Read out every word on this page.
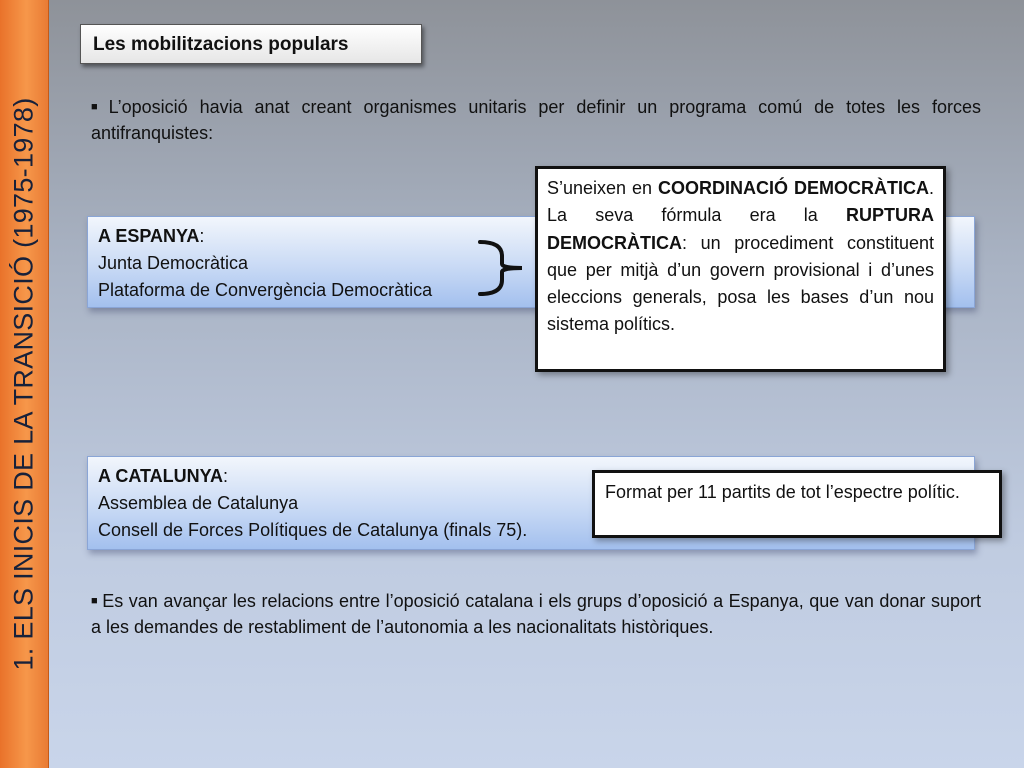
1. ELS INICIS DE LA TRANSICIÓ (1975-1978)
Les mobilitzacions populars
■ L’oposició havia anat creant organismes unitaris per definir un programa comú de totes les forces antifranquistes:
A ESPANYA:
Junta Democràtica
Plataforma de Convergència Democràtica
S’uneixen en COORDINACIÓ DEMOCRÀTICA. La seva fórmula era la RUPTURA DEMOCRÀTICA: un procediment constituent que per mitjà d’un govern provisional i d’unes eleccions generals, posa les bases d’un nou sistema polítics.
A CATALUNYA:
Assemblea de Catalunya
Consell de Forces Polítiques de Catalunya (finals 75).
Format per 11 partits de tot l’espectre polític.
■ Es van avançar les relacions entre l’oposició catalana i els grups d’oposició a Espanya, que van donar suport a les demandes de restabliment de l’autonomia a les nacionalitats històriques.
